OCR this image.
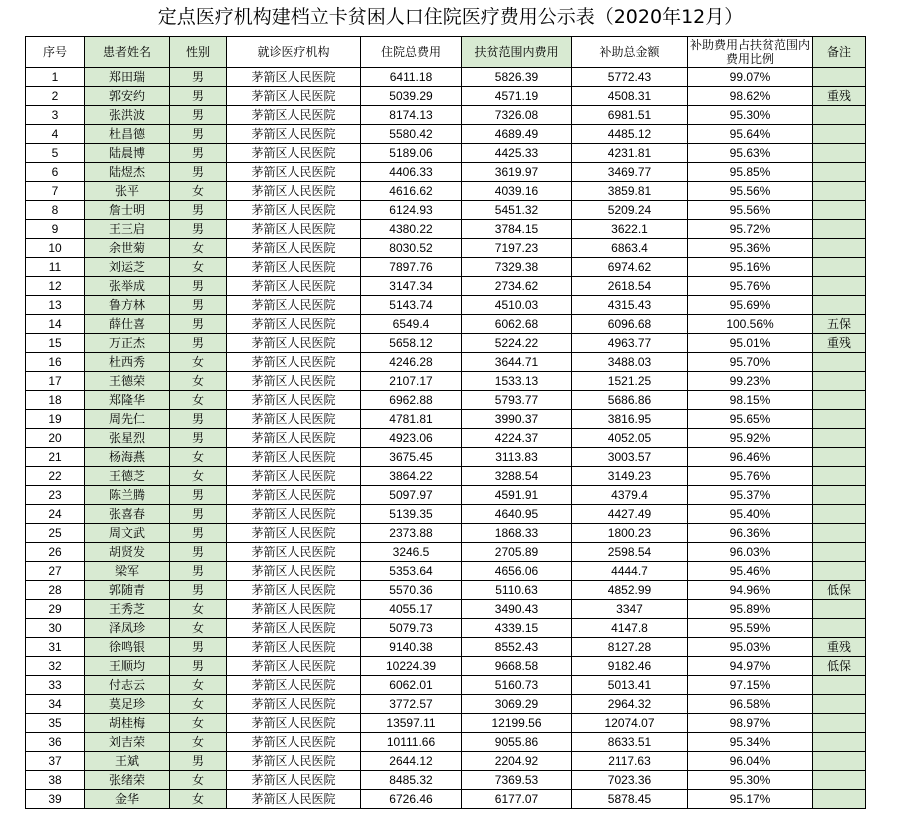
定点医疗机构建档立卡贫困人口住院医疗费用公示表（2020年12月）
序号	患者姓名	性别	就诊医疗机构	住院总费用	扶贫范围内费用	补助总金额	补助费用占扶贫范围内费用比例	备注
1	郑田瑞	男	茅箭区人民医院	6411.18	5826.39	5772.43	99.07%	
2	郭安约	男	茅箭区人民医院	5039.29	4571.19	4508.31	98.62%	重残
3	张洪波	男	茅箭区人民医院	8174.13	7326.08	6981.51	95.30%	
4	杜昌德	男	茅箭区人民医院	5580.42	4689.49	4485.12	95.64%	
5	陆晨博	男	茅箭区人民医院	5189.06	4425.33	4231.81	95.63%	
6	陆煜杰	男	茅箭区人民医院	4406.33	3619.97	3469.77	95.85%	
7	张平	女	茅箭区人民医院	4616.62	4039.16	3859.81	95.56%	
8	詹士明	男	茅箭区人民医院	6124.93	5451.32	5209.24	95.56%	
9	王三启	男	茅箭区人民医院	4380.22	3784.15	3622.1	95.72%	
10	余世菊	女	茅箭区人民医院	8030.52	7197.23	6863.4	95.36%	
11	刘运芝	女	茅箭区人民医院	7897.76	7329.38	6974.62	95.16%	
12	张举成	男	茅箭区人民医院	3147.34	2734.62	2618.54	95.76%	
13	鲁方林	男	茅箭区人民医院	5143.74	4510.03	4315.43	95.69%	
14	薛仕喜	男	茅箭区人民医院	6549.4	6062.68	6096.68	100.56%	五保
15	万正杰	男	茅箭区人民医院	5658.12	5224.22	4963.77	95.01%	重残
16	杜西秀	女	茅箭区人民医院	4246.28	3644.71	3488.03	95.70%	
17	王德荣	女	茅箭区人民医院	2107.17	1533.13	1521.25	99.23%	
18	郑隆华	女	茅箭区人民医院	6962.88	5793.77	5686.86	98.15%	
19	周先仁	男	茅箭区人民医院	4781.81	3990.37	3816.95	95.65%	
20	张星烈	男	茅箭区人民医院	4923.06	4224.37	4052.05	95.92%	
21	杨海燕	女	茅箭区人民医院	3675.45	3113.83	3003.57	96.46%	
22	王德芝	女	茅箭区人民医院	3864.22	3288.54	3149.23	95.76%	
23	陈兰腾	男	茅箭区人民医院	5097.97	4591.91	4379.4	95.37%	
24	张喜春	男	茅箭区人民医院	5139.35	4640.95	4427.49	95.40%	
25	周文武	男	茅箭区人民医院	2373.88	1868.33	1800.23	96.36%	
26	胡贤发	男	茅箭区人民医院	3246.5	2705.89	2598.54	96.03%	
27	梁军	男	茅箭区人民医院	5353.64	4656.06	4444.7	95.46%	
28	郭随青	男	茅箭区人民医院	5570.36	5110.63	4852.99	94.96%	低保
29	王秀芝	女	茅箭区人民医院	4055.17	3490.43	3347	95.89%	
30	泽凤珍	女	茅箭区人民医院	5079.73	4339.15	4147.8	95.59%	
31	徐鸣银	男	茅箭区人民医院	9140.38	8552.43	8127.28	95.03%	重残
32	王顺均	男	茅箭区人民医院	10224.39	9668.58	9182.46	94.97%	低保
33	付志云	女	茅箭区人民医院	6062.01	5160.73	5013.41	97.15%	
34	莫足珍	女	茅箭区人民医院	3772.57	3069.29	2964.32	96.58%	
35	胡桂梅	女	茅箭区人民医院	13597.11	12199.56	12074.07	98.97%	
36	刘吉荣	女	茅箭区人民医院	10111.66	9055.86	8633.51	95.34%	
37	王斌	男	茅箭区人民医院	2644.12	2204.92	2117.63	96.04%	
38	张绪荣	女	茅箭区人民医院	8485.32	7369.53	7023.36	95.30%	
39	金华	女	茅箭区人民医院	6726.46	6177.07	5878.45	95.17%	
